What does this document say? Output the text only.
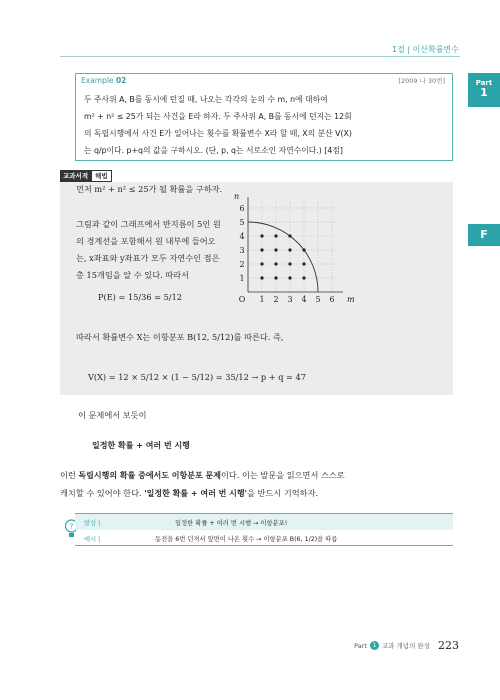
1절 | 이산확률변수
Part
1
F
Example 02	[2009 나 30번]
두 주사위 A, B를 동시에 던질 때, 나오는 각각의 눈의 수 m, n에 대하여
m² + n² ≤ 25가 되는 사건을 E라 하자. 두 주사위 A, B를 동시에 던지는 12회
의 독립시행에서 사건 E가 일어나는 횟수를 확률변수 X라 할 때, X의 분산 V(X)
는 q/p이다. p+q의 값을 구하시오. (단, p, q는 서로소인 자연수이다.) [4점]
교과서적	해법
먼저 m² + n² ≤ 25가 될 확률을 구하자.
그림과 같이 그래프에서 반지름이 5인 원
의 경계선을 포함해서 원 내부에 들어오
는, x좌표와 y좌표가 모두 자연수인 점은
총 15개임을 알 수 있다. 따라서
P(E) = 15/36 = 5/12
따라서 확률변수 X는 이항분포 B(12, 5/12)를 따른다. 즉,
V(X) = 12 × 5/12 × (1 − 5/12) = 35/12 → p + q = 47
1 2 3 4 5 6
1
2
3
4
5
6
O	m
n
이 문제에서 보듯이
일정한 확률 + 여러 번 시행
이런 독립시행의 확률 중에서도 이항분포 문제이다. 이는 발문을 읽으면서 스스로
캐치할 수 있어야 한다. '일정한 확률 + 여러 번 시행'을 반드시 기억하자.
? 발상 |	일정한 확률 + 여러 번 시행 → 이항분포!
예시 |	동전을 6번 던져서 앞면이 나온 횟수 → 이항분포 B(6, 1/2)을 따름
Part 1 교과 개념의 완성 223
